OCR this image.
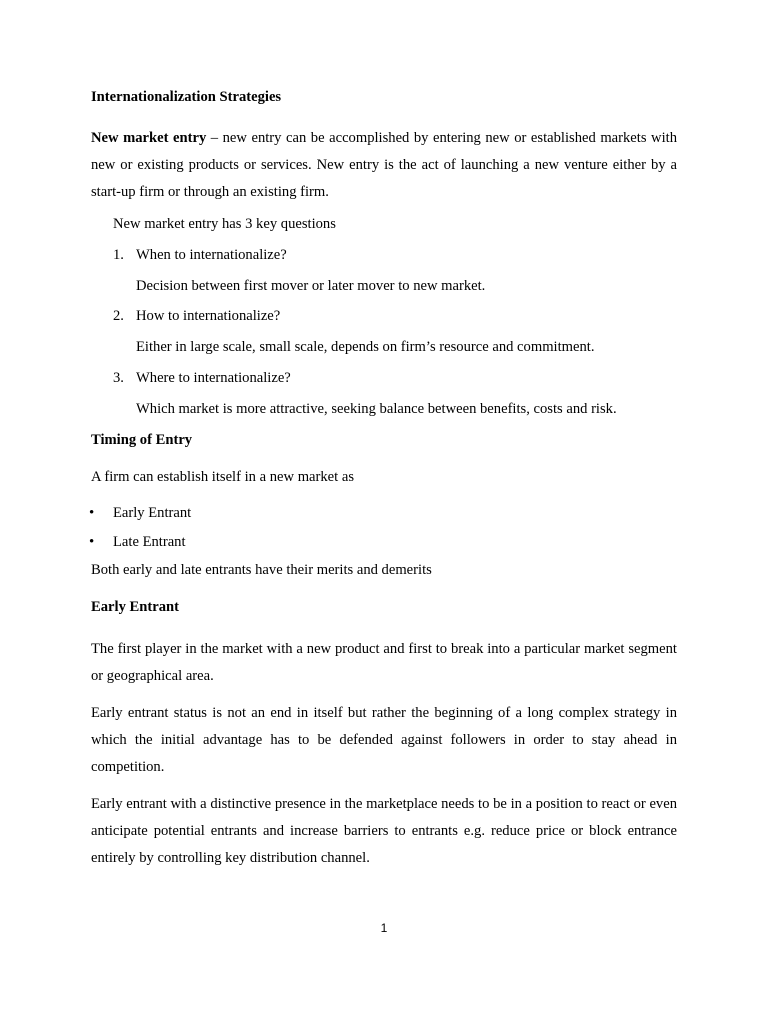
Internationalization Strategies

New market entry – new entry can be accomplished by entering new or established markets with new or existing products or services. New entry is the act of launching a new venture either by a start-up firm or through an existing firm.

New market entry has 3 key questions
1. When to internationalize?
Decision between first mover or later mover to new market.
2. How to internationalize?
Either in large scale, small scale, depends on firm’s resource and commitment.
3. Where to internationalize?
Which market is more attractive, seeking balance between benefits, costs and risk.
Timing of Entry
A firm can establish itself in a new market as
• Early Entrant
• Late Entrant
Both early and late entrants have their merits and demerits
Early Entrant

The first player in the market with a new product and first to break into a particular market segment or geographical area.

Early entrant status is not an end in itself but rather the beginning of a long complex strategy in which the initial advantage has to be defended against followers in order to stay ahead in competition.

Early entrant with a distinctive presence in the marketplace needs to be in a position to react or even anticipate potential entrants and increase barriers to entrants e.g. reduce price or block entrance entirely by controlling key distribution channel.

1
